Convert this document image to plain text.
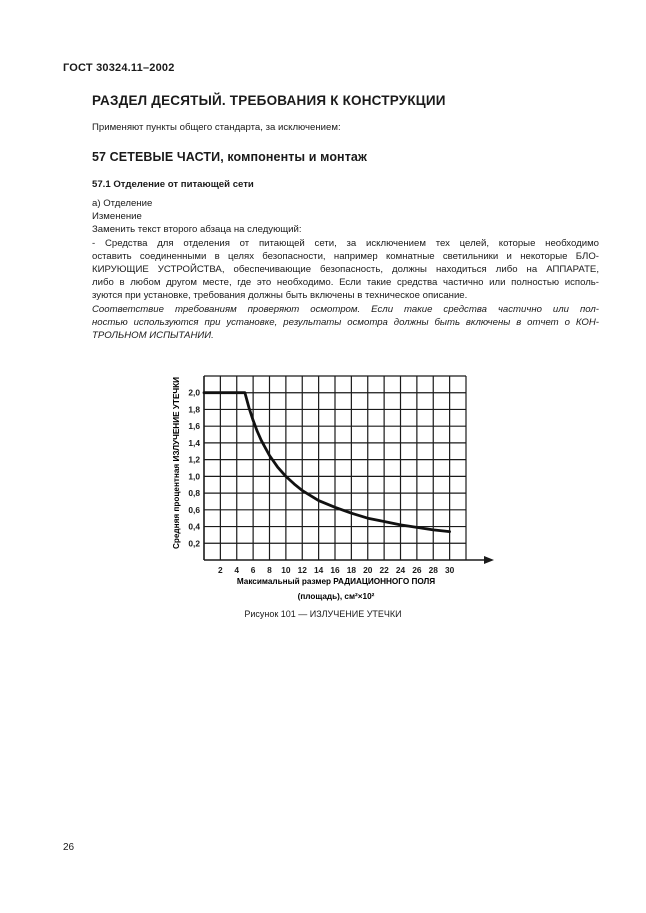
ГОСТ 30324.11–2002
РАЗДЕЛ ДЕСЯТЫЙ. ТРЕБОВАНИЯ К КОНСТРУКЦИИ
Применяют пункты общего стандарта, за исключением:
57 СЕТЕВЫЕ ЧАСТИ, компоненты и монтаж
57.1 Отделение от питающей сети

а) Отделение

Изменение

Заменить текст второго абзаца на следующий:

- Средства для отделения от питающей сети, за исключением тех целей, которые необходимо
оставить соединенными в целях безопасности, например комнатные светильники и некоторые БЛО-
КИРУЮЩИЕ УСТРОЙСТВА, обеспечивающие безопасность, должны находиться либо на АППАРАТЕ,
либо в любом другом месте, где это необходимо. Если такие средства частично или полностью исполь-
зуются при установке, требования должны быть включены в техническое описание.
Соответствие требованиям проверяют осмотром. Если такие средства частично или пол-
ностью используются при установке, результаты осмотра должны быть включены в отчет о КОН-
ТРОЛЬНОМ ИСПЫТАНИИ.
2 4 6 8 10 12 14 16 18 20 22 24 26 28 30
0,2
0,4
0,6
0,8
1,0
1,2
1,4
1,6
1,8
2,0
Средняя процентная ИЗЛУЧЕНИЕ УТЕЧКИ
Максимальный размер РАДИАЦИОННОГО ПОЛЯ
(площадь), см²×10²
Рисунок 101 — ИЗЛУЧЕНИЕ УТЕЧКИ
26
